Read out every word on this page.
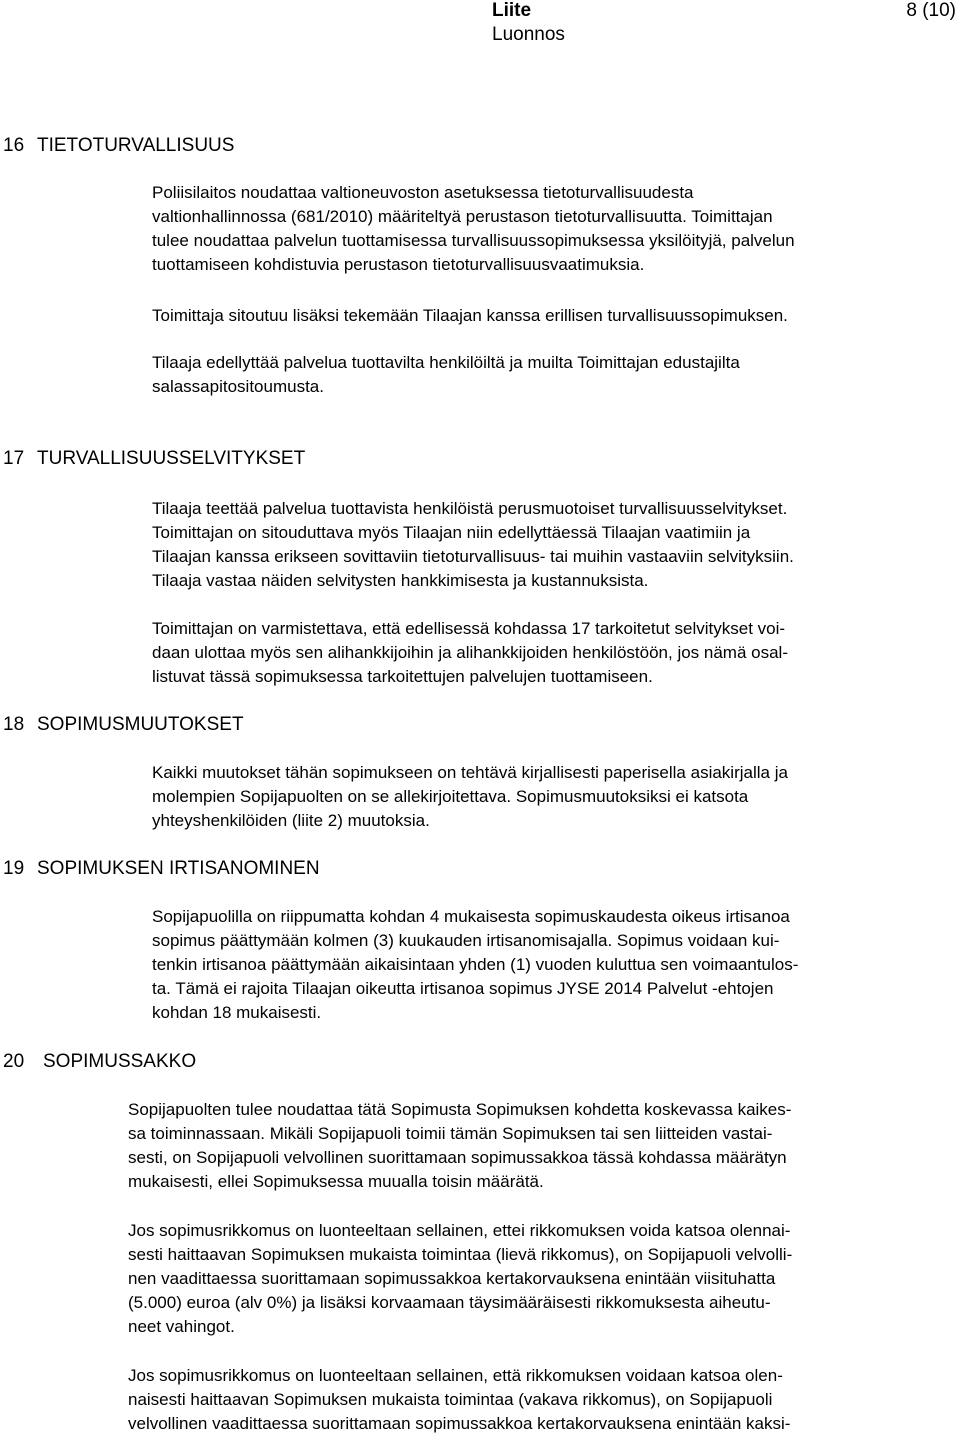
Liite	8 (10)
Luonnos
16 TIETOTURVALLISUUS
Poliisilaitos noudattaa valtioneuvoston asetuksessa tietoturvallisuudesta
valtionhallinnossa (681/2010) määriteltyä perustason tietoturvallisuutta. Toimittajan
tulee noudattaa palvelun tuottamisessa turvallisuussopimuksessa yksilöityjä, palvelun
tuottamiseen kohdistuvia perustason tietoturvallisuusvaatimuksia.
Toimittaja sitoutuu lisäksi tekemään Tilaajan kanssa erillisen turvallisuussopimuksen.
Tilaaja edellyttää palvelua tuottavilta henkilöiltä ja muilta Toimittajan edustajilta
salassapitositoumusta.
17 TURVALLISUUSSELVITYKSET
Tilaaja teettää palvelua tuottavista henkilöistä perusmuotoiset turvallisuusselvitykset.
Toimittajan on sitouduttava myös Tilaajan niin edellyttäessä Tilaajan vaatimiin ja
Tilaajan kanssa erikseen sovittaviin tietoturvallisuus- tai muihin vastaaviin selvityksiin.
Tilaaja vastaa näiden selvitysten hankkimisesta ja kustannuksista.
Toimittajan on varmistettava, että edellisessä kohdassa 17 tarkoitetut selvitykset voi-
daan ulottaa myös sen alihankkijoihin ja alihankkijoiden henkilöstöön, jos nämä osal-
listuvat tässä sopimuksessa tarkoitettujen palvelujen tuottamiseen.
18 SOPIMUSMUUTOKSET
Kaikki muutokset tähän sopimukseen on tehtävä kirjallisesti paperisella asiakirjalla ja
molempien Sopijapuolten on se allekirjoitettava. Sopimusmuutoksiksi ei katsota
yhteyshenkilöiden (liite 2) muutoksia.
19 SOPIMUKSEN IRTISANOMINEN
Sopijapuolilla on riippumatta kohdan 4 mukaisesta sopimuskaudesta oikeus irtisanoa
sopimus päättymään kolmen (3) kuukauden irtisanomisajalla. Sopimus voidaan kui-
tenkin irtisanoa päättymään aikaisintaan yhden (1) vuoden kuluttua sen voimaantulos-
ta. Tämä ei rajoita Tilaajan oikeutta irtisanoa sopimus JYSE 2014 Palvelut -ehtojen
kohdan 18 mukaisesti.
20 SOPIMUSSAKKO
Sopijapuolten tulee noudattaa tätä Sopimusta Sopimuksen kohdetta koskevassa kaikes-
sa toiminnassaan. Mikäli Sopijapuoli toimii tämän Sopimuksen tai sen liitteiden vastai-
sesti, on Sopijapuoli velvollinen suorittamaan sopimussakkoa tässä kohdassa määrätyn
mukaisesti, ellei Sopimuksessa muualla toisin määrätä.
Jos sopimusrikkomus on luonteeltaan sellainen, ettei rikkomuksen voida katsoa olennai-
sesti haittaavan Sopimuksen mukaista toimintaa (lievä rikkomus), on Sopijapuoli velvolli-
nen vaadittaessa suorittamaan sopimussakkoa kertakorvauksena enintään viisituhatta
(5.000) euroa (alv 0%) ja lisäksi korvaamaan täysimääräisesti rikkomuksesta aiheutu-
neet vahingot.
Jos sopimusrikkomus on luonteeltaan sellainen, että rikkomuksen voidaan katsoa olen-
naisesti haittaavan Sopimuksen mukaista toimintaa (vakava rikkomus), on Sopijapuoli
velvollinen vaadittaessa suorittamaan sopimussakkoa kertakorvauksena enintään kaksi-
